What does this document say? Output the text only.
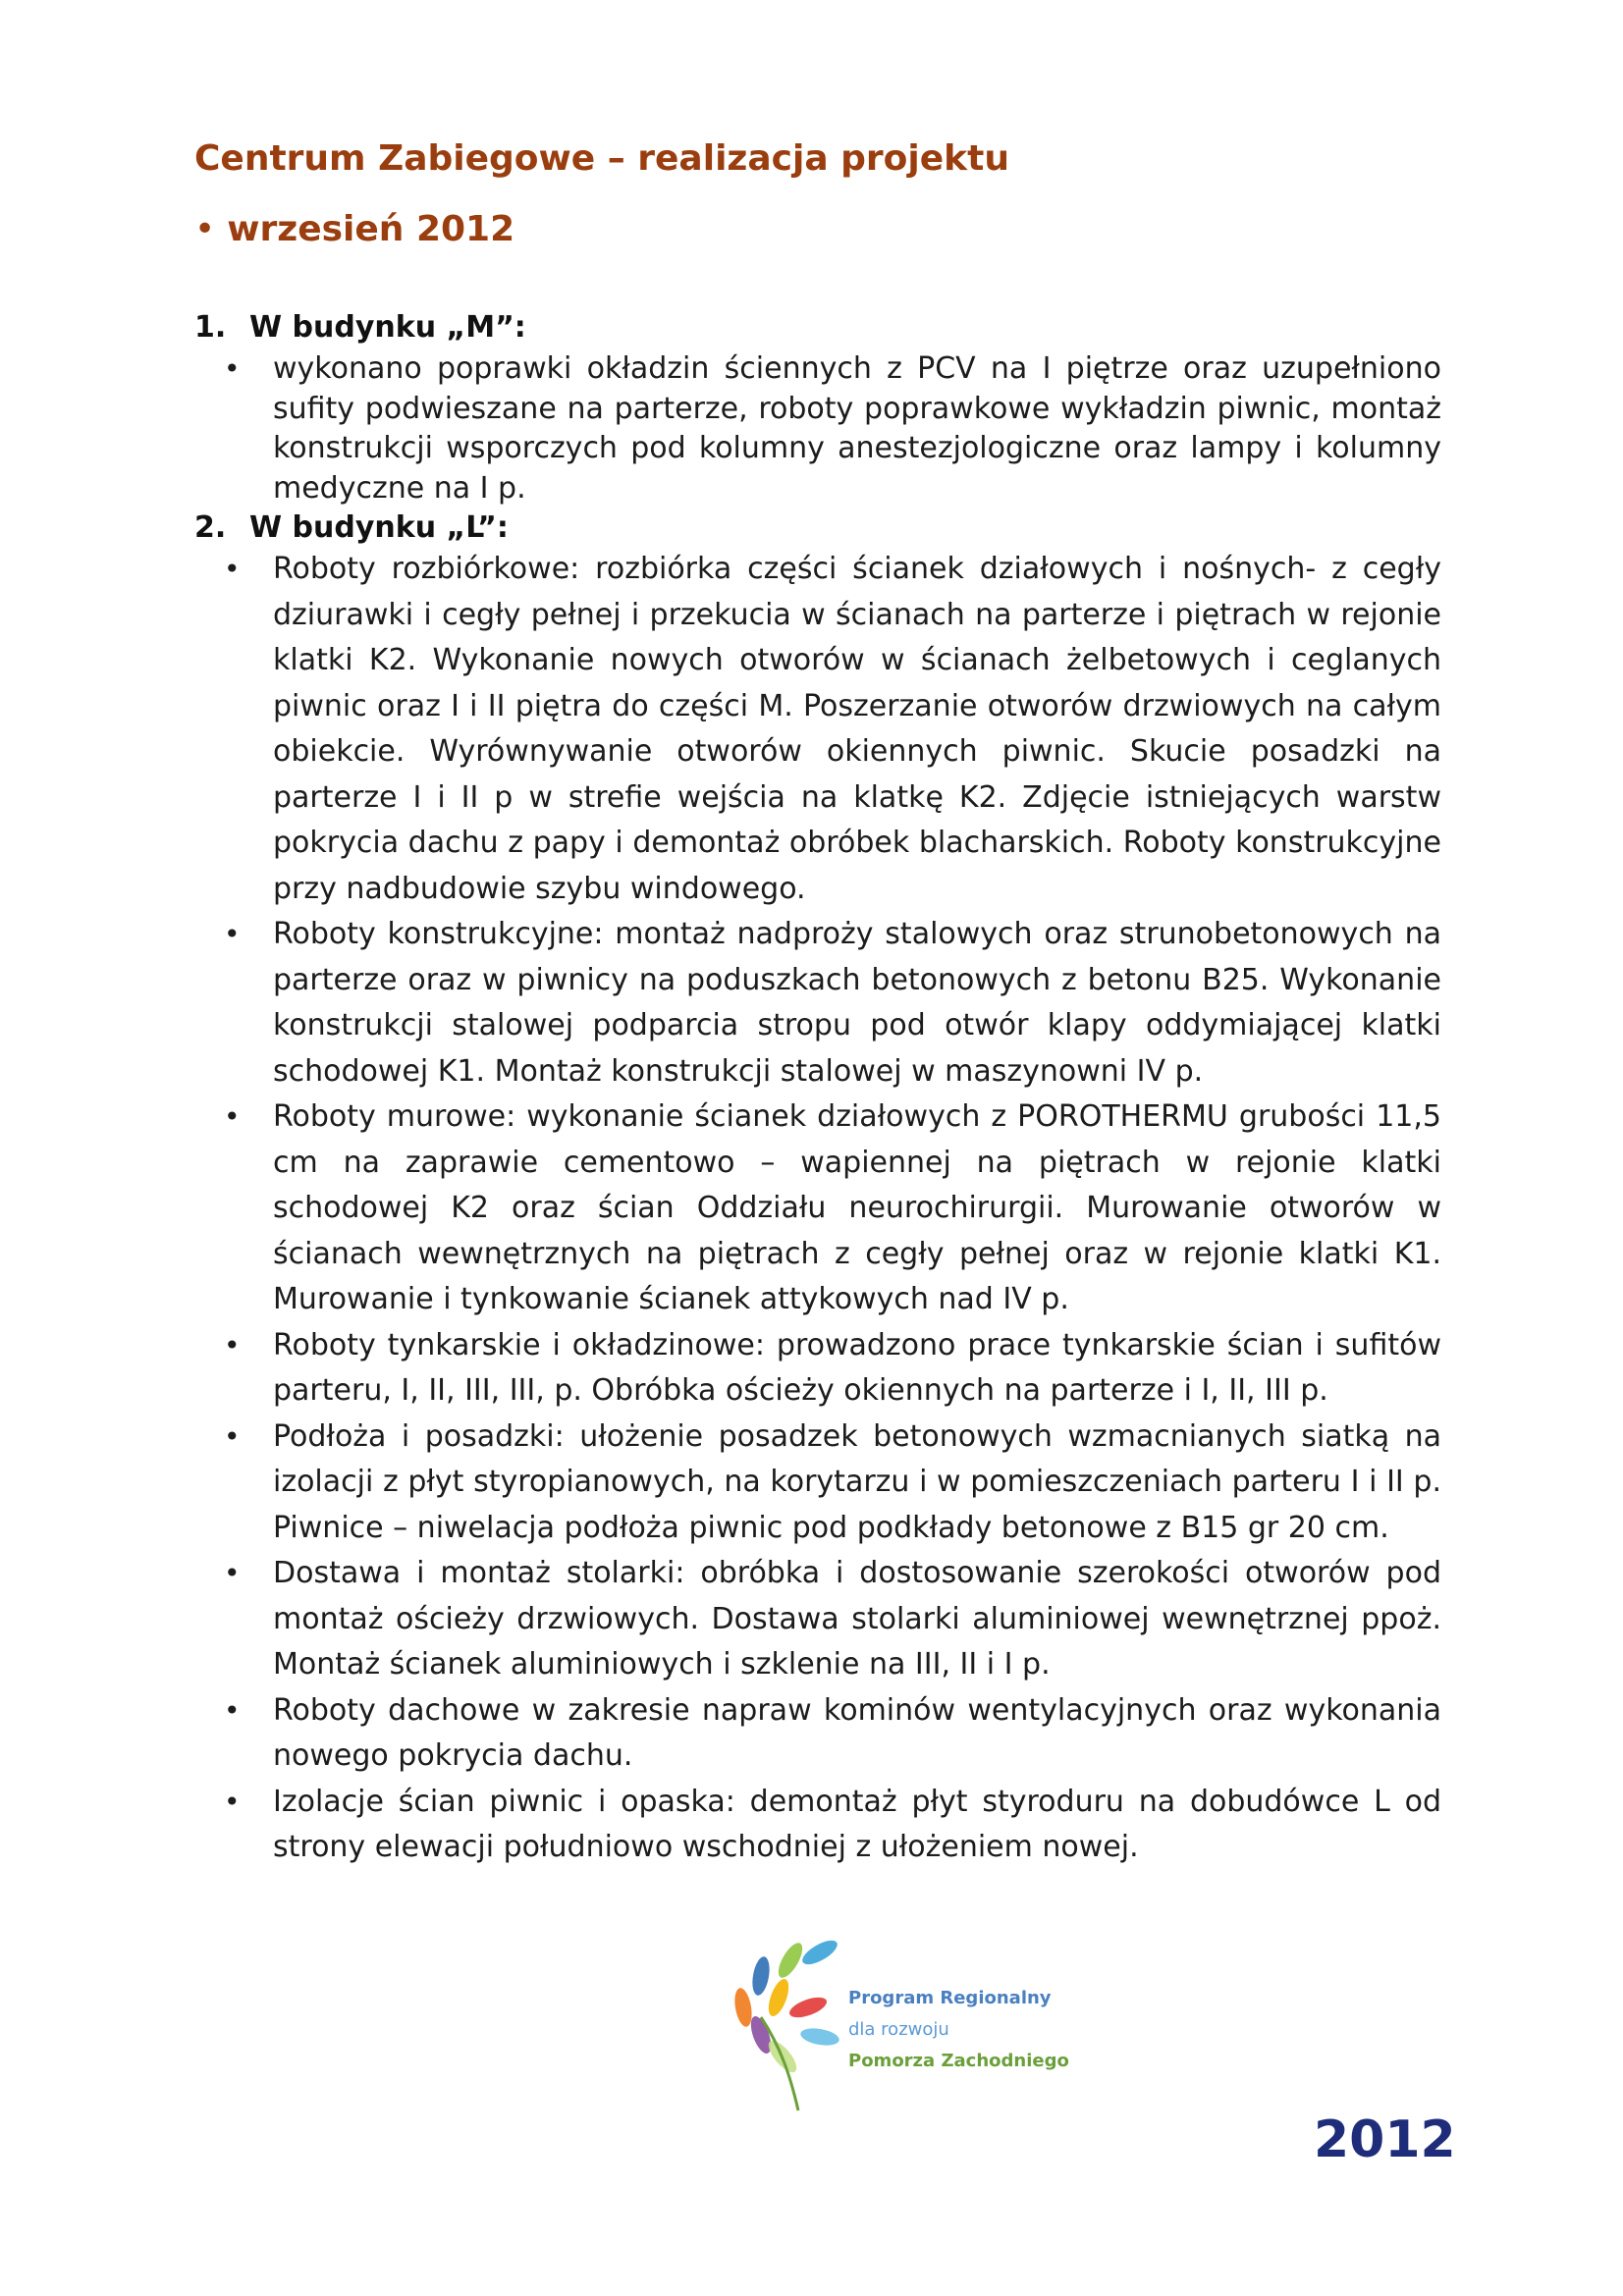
Centrum Zabiegowe – realizacja projektu
• wrzesień 2012
1. W budynku „M”:
• wykonano poprawki okładzin ściennych z PCV na I piętrze oraz uzupełniono sufity podwieszane na parterze, roboty poprawkowe wykładzin piwnic, montaż konstrukcji wsporczych pod kolumny anestezjologiczne oraz lampy i kolumny medyczne na I p.
2. W budynku „L”:
• Roboty rozbiórkowe: rozbiórka części ścianek działowych i nośnych- z cegły dziurawki i cegły pełnej i przekucia w ścianach na parterze i piętrach w rejonie klatki K2. Wykonanie nowych otworów w ścianach żelbetowych i ceglanych piwnic oraz I i II piętra do części M. Poszerzanie otworów drzwiowych na całym obiekcie. Wyrównywanie otworów okiennych piwnic. Skucie posadzki na parterze I i II p w strefie wejścia na klatkę K2. Zdjęcie istniejących warstw pokrycia dachu z papy i demontaż obróbek blacharskich. Roboty konstrukcyjne przy nadbudowie szybu windowego.
• Roboty konstrukcyjne: montaż nadproży stalowych oraz strunobetonowych na parterze oraz w piwnicy na poduszkach betonowych z betonu B25. Wykonanie konstrukcji stalowej podparcia stropu pod otwór klapy oddymiającej klatki schodowej K1. Montaż konstrukcji stalowej w maszynowni IV p.
• Roboty murowe: wykonanie ścianek działowych z POROTHERMU grubości 11,5 cm na zaprawie cementowo – wapiennej na piętrach w rejonie klatki schodowej K2 oraz ścian Oddziału neurochirurgii. Murowanie otworów w ścianach wewnętrznych na piętrach z cegły pełnej oraz w rejonie klatki K1. Murowanie i tynkowanie ścianek attykowych nad IV p.
• Roboty tynkarskie i okładzinowe: prowadzono prace tynkarskie ścian i sufitów parteru, I, II, III, III, p. Obróbka ościeży okiennych na parterze i I, II, III p.
• Podłoża i posadzki: ułożenie posadzek betonowych wzmacnianych siatką na izolacji z płyt styropianowych, na korytarzu i w pomieszczeniach parteru I i II p. Piwnice – niwelacja podłoża piwnic pod podkłady betonowe z B15 gr 20 cm.
• Dostawa i montaż stolarki: obróbka i dostosowanie szerokości otworów pod montaż ościeży drzwiowych. Dostawa stolarki aluminiowej wewnętrznej ppoż. Montaż ścianek aluminiowych i szklenie na III, II i I p.
• Roboty dachowe w zakresie napraw kominów wentylacyjnych oraz wykonania nowego pokrycia dachu.
• Izolacje ścian piwnic i opaska: demontaż płyt styroduru na dobudówce L od strony elewacji południowo wschodniej z ułożeniem nowej.
Program Regionalny
dla rozwoju
Pomorza Zachodniego
2012
